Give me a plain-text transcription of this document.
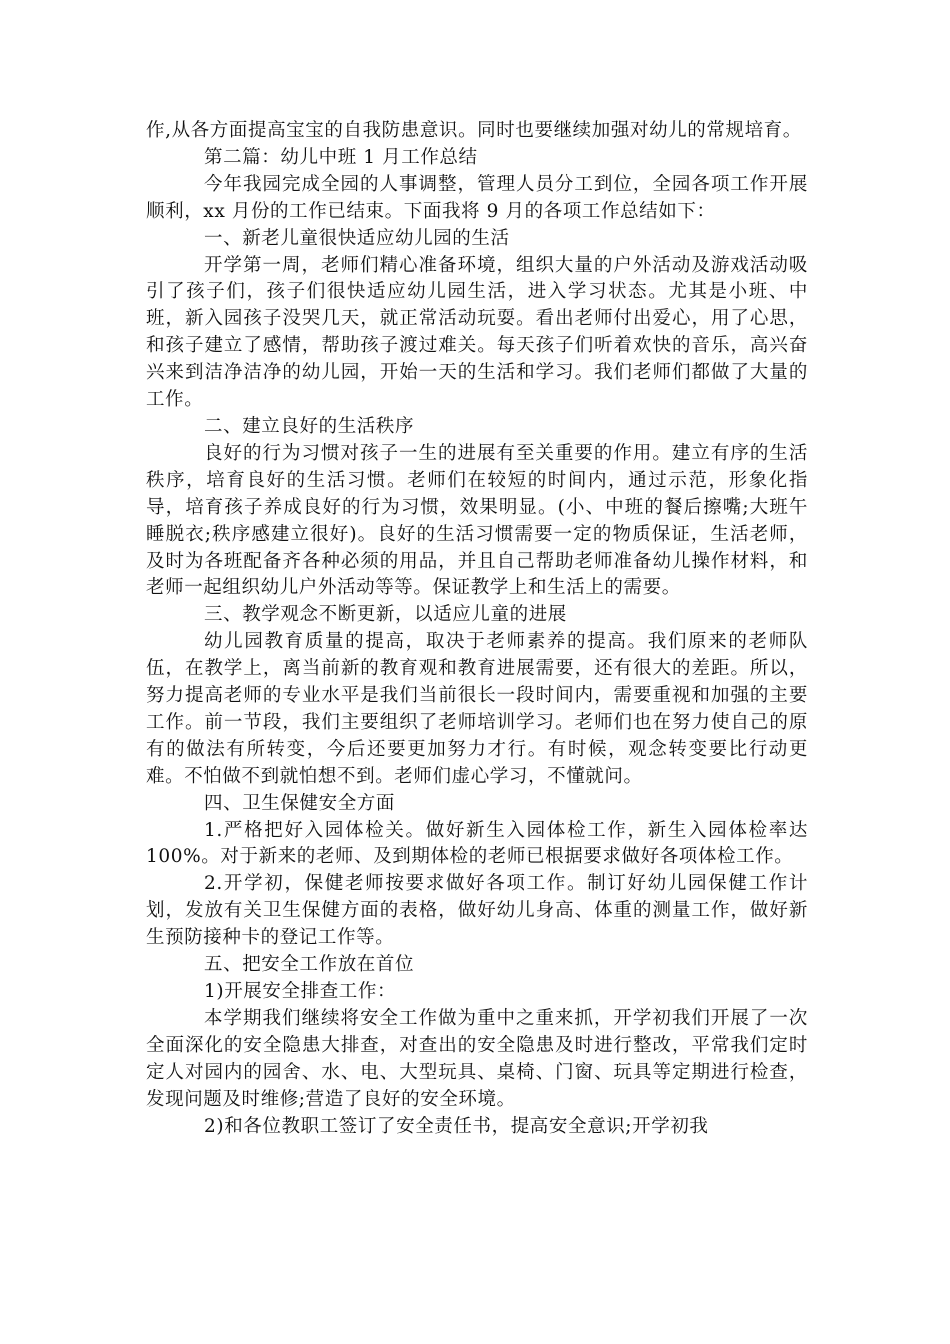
作,从各方面提高宝宝的自我防患意识。同时也要继续加强对幼儿的常规培育。

第二篇：幼儿中班 1 月工作总结

今年我园完成全园的人事调整，管理人员分工到位，全园各项工作开展顺利，xx 月份的工作已结束。下面我将 9 月的各项工作总结如下：

一、新老儿童很快适应幼儿园的生活

开学第一周，老师们精心准备环境，组织大量的户外活动及游戏活动吸引了孩子们，孩子们很快适应幼儿园生活，进入学习状态。尤其是小班、中班，新入园孩子没哭几天，就正常活动玩耍。看出老师付出爱心，用了心思，和孩子建立了感情，帮助孩子渡过难关。每天孩子们听着欢快的音乐，高兴奋兴来到洁净洁净的幼儿园，开始一天的生活和学习。我们老师们都做了大量的工作。

二、建立良好的生活秩序

良好的行为习惯对孩子一生的进展有至关重要的作用。建立有序的生活秩序，培育良好的生活习惯。老师们在较短的时间内，通过示范，形象化指导，培育孩子养成良好的行为习惯，效果明显。(小、中班的餐后擦嘴;大班午睡脱衣;秩序感建立很好)。良好的生活习惯需要一定的物质保证，生活老师，及时为各班配备齐各种必须的用品，并且自己帮助老师准备幼儿操作材料，和老师一起组织幼儿户外活动等等。保证教学上和生活上的需要。

三、教学观念不断更新，以适应儿童的进展

幼儿园教育质量的提高，取决于老师素养的提高。我们原来的老师队伍，在教学上，离当前新的教育观和教育进展需要，还有很大的差距。所以，努力提高老师的专业水平是我们当前很长一段时间内，需要重视和加强的主要工作。前一节段，我们主要组织了老师培训学习。老师们也在努力使自己的原有的做法有所转变，今后还要更加努力才行。有时候，观念转变要比行动更难。不怕做不到就怕想不到。老师们虚心学习，不懂就问。

四、卫生保健安全方面

1.严格把好入园体检关。做好新生入园体检工作，新生入园体检率达 100%。对于新来的老师、及到期体检的老师已根据要求做好各项体检工作。

2.开学初，保健老师按要求做好各项工作。制订好幼儿园保健工作计划，发放有关卫生保健方面的表格，做好幼儿身高、体重的测量工作，做好新生预防接种卡的登记工作等。

五、把安全工作放在首位

1)开展安全排查工作：

本学期我们继续将安全工作做为重中之重来抓，开学初我们开展了一次全面深化的安全隐患大排查，对查出的安全隐患及时进行整改，平常我们定时定人对园内的园舍、水、电、大型玩具、桌椅、门窗、玩具等定期进行检查，发现问题及时维修;营造了良好的安全环境。

2)和各位教职工签订了安全责任书，提高安全意识;开学初我
